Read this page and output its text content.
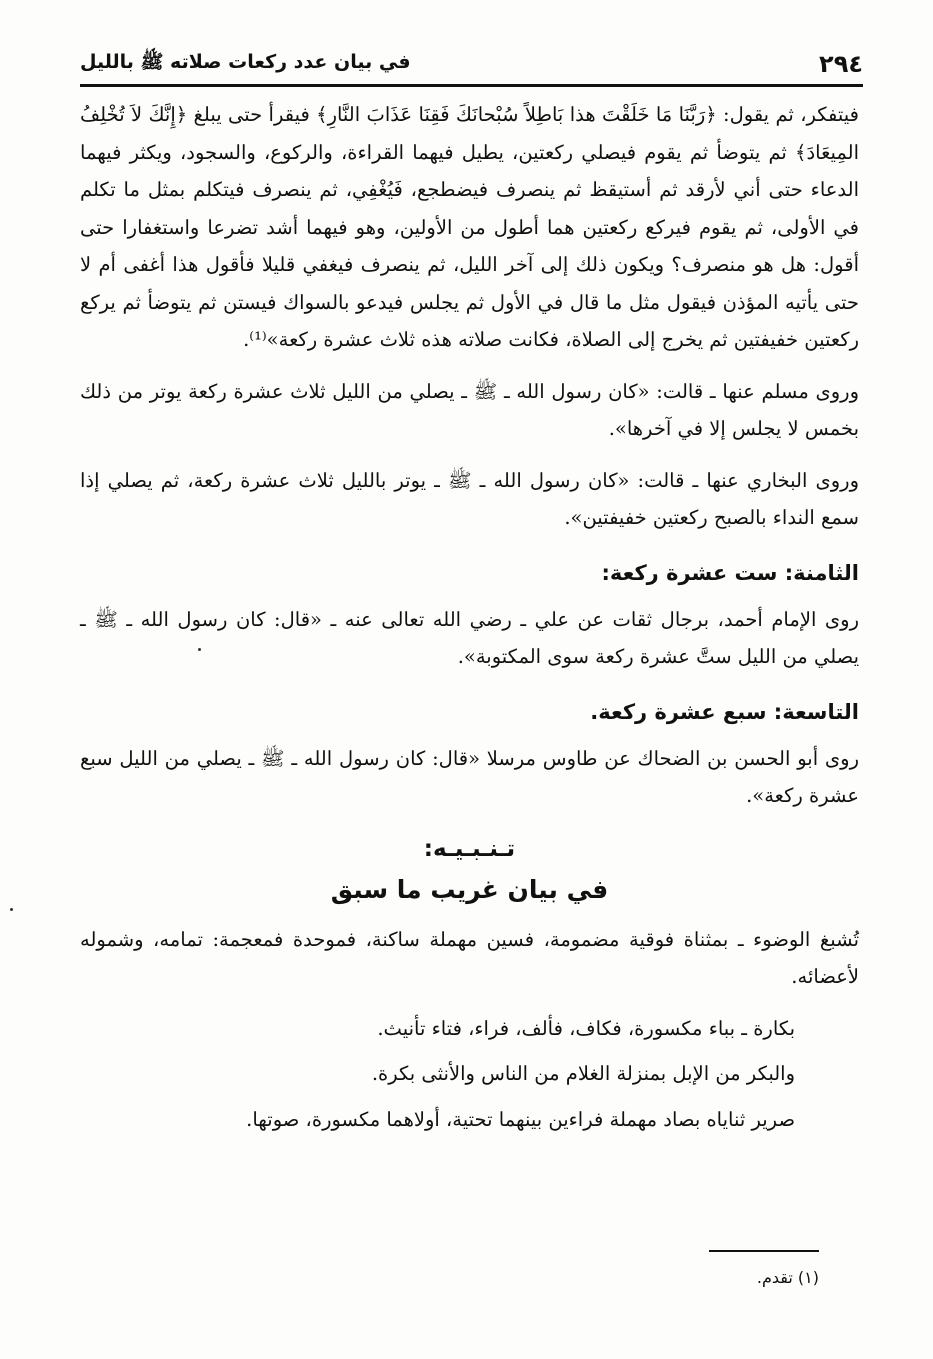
٢٩٤
في بيان عدد ركعات صلاته ﷺ بالليل

فيتفكر، ثم يقول: ﴿رَبَّنَا مَا خَلَقْتَ هذا بَاطِلاً سُبْحانَكَ فَقِنَا عَذَابَ النَّارِ﴾ فيقرأ حتى يبلغ ﴿إِنَّكَ لاَ تُخْلِفُ المِيعَادَ﴾ ثم يتوضأ ثم يقوم فيصلي ركعتين، يطيل فيهما القراءة، والركوع، والسجود، ويكثر فيهما الدعاء حتى أني لأرقد ثم أستيقظ ثم ينصرف فيضطجع، فَيُغْفِي، ثم ينصرف فيتكلم بمثل ما تكلم في الأولى، ثم يقوم فيركع ركعتين هما أطول من الأولين، وهو فيهما أشد تضرعا واستغفارا حتى أقول: هل هو منصرف؟ ويكون ذلك إلى آخر الليل، ثم ينصرف فيغفي قليلا فأقول هذا أغفى أم لا حتى يأتيه المؤذن فيقول مثل ما قال في الأول ثم يجلس فيدعو بالسواك فيستن ثم يتوضأ ثم يركع ركعتين خفيفتين ثم يخرج إلى الصلاة، فكانت صلاته هذه ثلاث عشرة ركعة»⁽¹⁾.

وروى مسلم عنها ـ قالت: «كان رسول الله ـ ﷺ ـ يصلي من الليل ثلاث عشرة ركعة يوتر من ذلك بخمس لا يجلس إلا في آخرها».

وروى البخاري عنها ـ قالت: «كان رسول الله ـ ﷺ ـ يوتر بالليل ثلاث عشرة ركعة، ثم يصلي إذا سمع النداء بالصبح ركعتين خفيفتين».

الثامنة: ست عشرة ركعة:

روى الإمام أحمد، برجال ثقات عن علي ـ رضي الله تعالى عنه ـ «قال: كان رسول الله ـ ﷺ ـ يصلي من الليل ستَّ عشرة ركعة سوى المكتوبة».

التاسعة: سبع عشرة ركعة.

روى أبو الحسن بن الضحاك عن طاوس مرسلا «قال: كان رسول الله ـ ﷺ ـ يصلي من الليل سبع عشرة ركعة».

تـنـبـيـه:

في بيان غريب ما سبق

تُشبغ الوضوء ـ بمثناة فوقية مضمومة، فسين مهملة ساكنة، فموحدة فمعجمة: تمامه، وشموله لأعضائه.

بكارة ـ بباء مكسورة، فكاف، فألف، فراء، فتاء تأنيث.

والبكر من الإبل بمنزلة الغلام من الناس والأنثى بكرة.

صرير ثناياه بصاد مهملة فراءين بينهما تحتية، أولاهما مكسورة، صوتها.

(١) تقدم.
